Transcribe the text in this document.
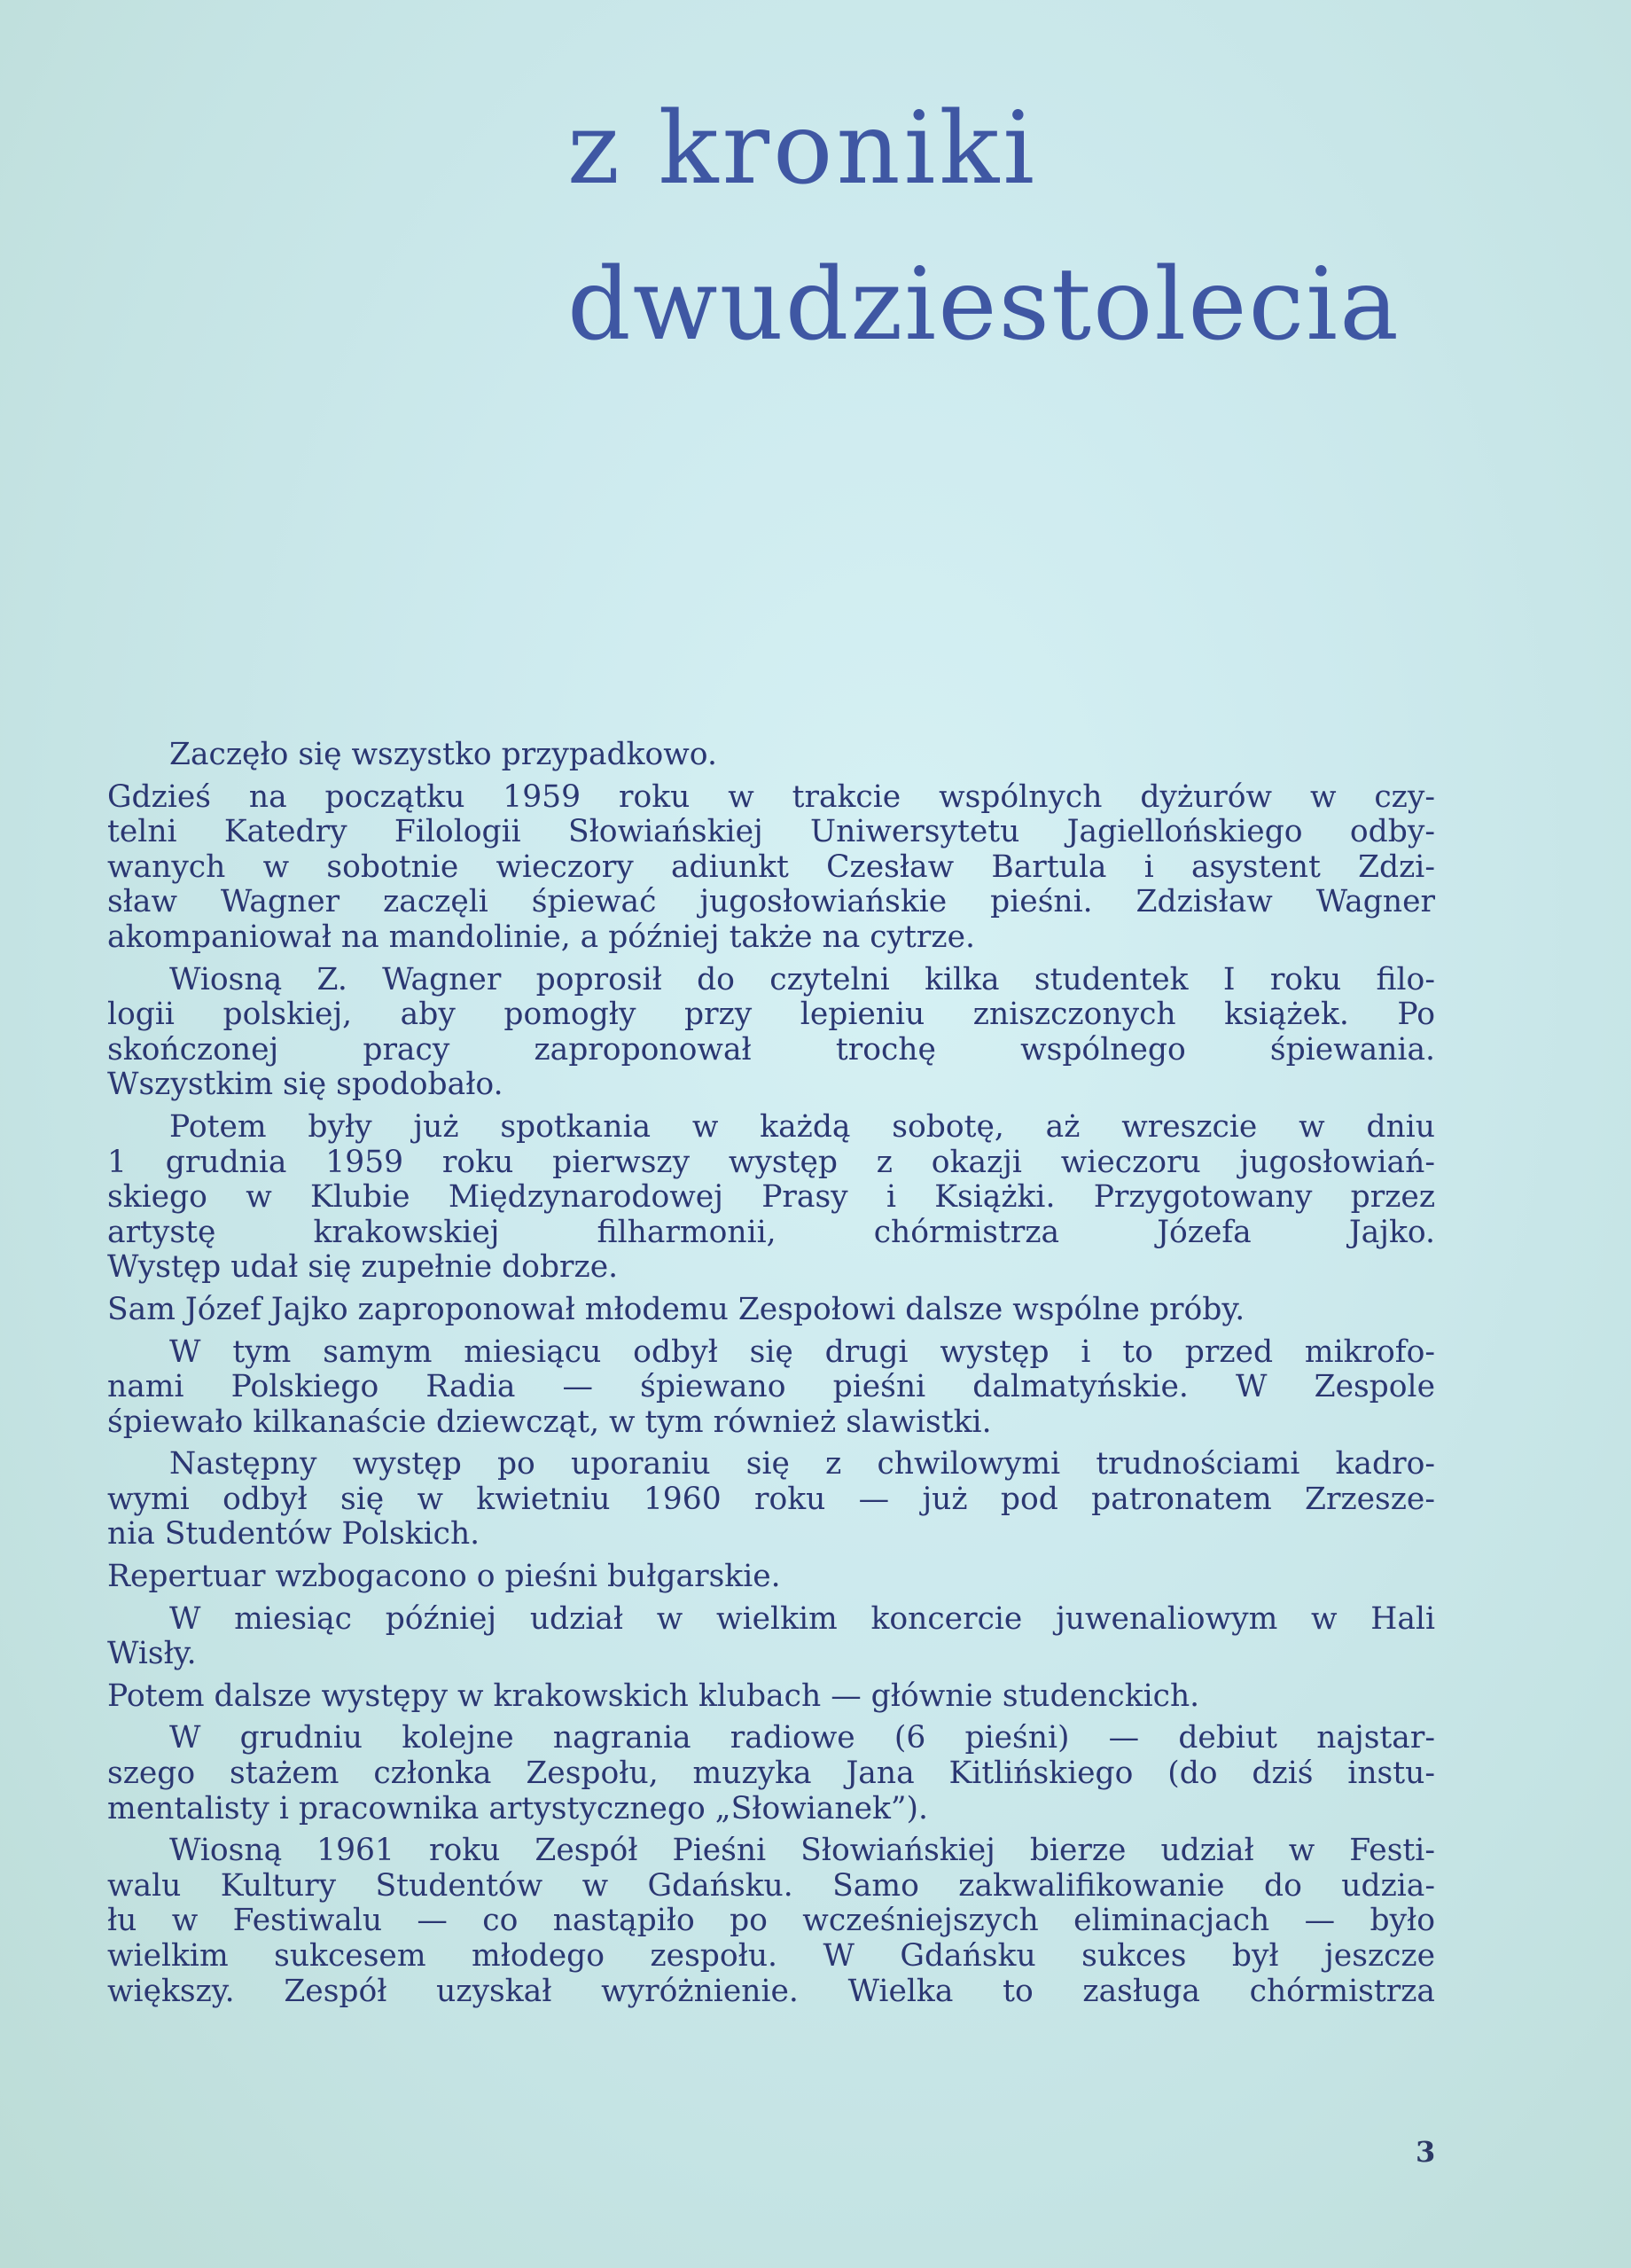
z kroniki
dwudziestolecia
Zaczęło się wszystko przypadkowo.
Gdzieś na początku 1959 roku w trakcie wspólnych dyżurów w czy-
telni Katedry Filologii Słowiańskiej Uniwersytetu Jagiellońskiego odby-
wanych w sobotnie wieczory adiunkt Czesław Bartula i asystent Zdzi-
sław Wagner zaczęli śpiewać jugosłowiańskie pieśni. Zdzisław Wagner
akompaniował na mandolinie, a później także na cytrze.
Wiosną Z. Wagner poprosił do czytelni kilka studentek I roku filo-
logii polskiej, aby pomogły przy lepieniu zniszczonych książek. Po
skończonej pracy zaproponował trochę wspólnego śpiewania.
Wszystkim się spodobało.
Potem były już spotkania w każdą sobotę, aż wreszcie w dniu
1 grudnia 1959 roku pierwszy występ z okazji wieczoru jugosłowiań-
skiego w Klubie Międzynarodowej Prasy i Książki. Przygotowany przez
artystę krakowskiej filharmonii, chórmistrza Józefa Jajko.
Występ udał się zupełnie dobrze.
Sam Józef Jajko zaproponował młodemu Zespołowi dalsze wspólne próby.
W tym samym miesiącu odbył się drugi występ i to przed mikrofo-
nami Polskiego Radia — śpiewano pieśni dalmatyńskie. W Zespole
śpiewało kilkanaście dziewcząt, w tym również slawistki.
Następny występ po uporaniu się z chwilowymi trudnościami kadro-
wymi odbył się w kwietniu 1960 roku — już pod patronatem Zrzesze-
nia Studentów Polskich.
Repertuar wzbogacono o pieśni bułgarskie.
W miesiąc później udział w wielkim koncercie juwenaliowym w Hali
Wisły.
Potem dalsze występy w krakowskich klubach — głównie studenckich.
W grudniu kolejne nagrania radiowe (6 pieśni) — debiut najstar-
szego stażem członka Zespołu, muzyka Jana Kitlińskiego (do dziś instu-
mentalisty i pracownika artystycznego „Słowianek”).
Wiosną 1961 roku Zespół Pieśni Słowiańskiej bierze udział w Festi-
walu Kultury Studentów w Gdańsku. Samo zakwalifikowanie do udzia-
łu w Festiwalu — co nastąpiło po wcześniejszych eliminacjach — było
wielkim sukcesem młodego zespołu. W Gdańsku sukces był jeszcze
większy. Zespół uzyskał wyróżnienie. Wielka to zasługa chórmistrza
3
